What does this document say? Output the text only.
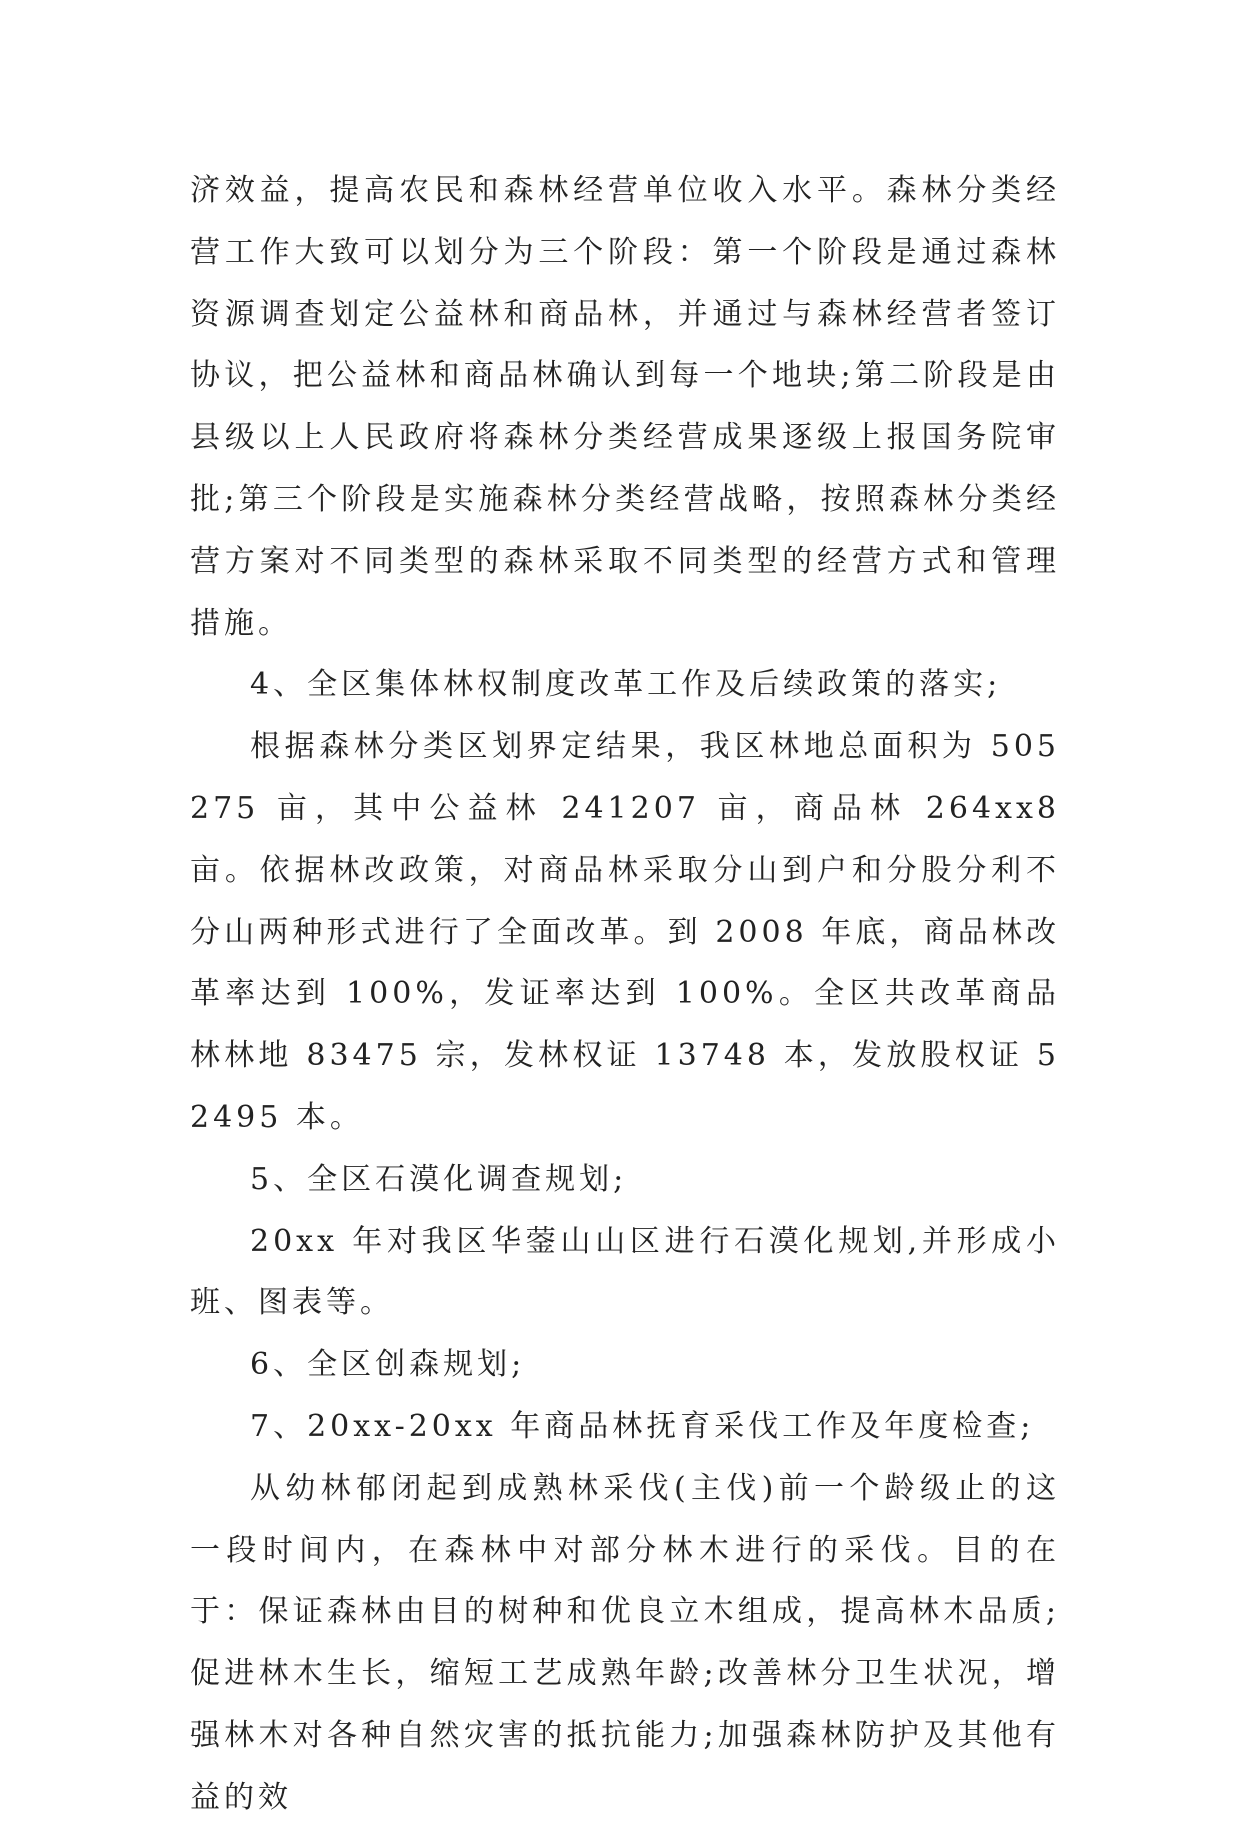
济效益，提高农民和森林经营单位收入水平。森林分类经营工作大致可以划分为三个阶段：第一个阶段是通过森林资源调查划定公益林和商品林，并通过与森林经营者签订协议，把公益林和商品林确认到每一个地块;第二阶段是由县级以上人民政府将森林分类经营成果逐级上报国务院审批;第三个阶段是实施森林分类经营战略，按照森林分类经营方案对不同类型的森林采取不同类型的经营方式和管理措施。

4、全区集体林权制度改革工作及后续政策的落实;

根据森林分类区划界定结果，我区林地总面积为 505275 亩，其中公益林 241207 亩，商品林 264xx8 亩。依据林改政策，对商品林采取分山到户和分股分利不分山两种形式进行了全面改革。到 2008 年底，商品林改革率达到 100%，发证率达到 100%。全区共改革商品林林地 83475 宗，发林权证 13748 本，发放股权证 52495 本。

5、全区石漠化调查规划;

20xx 年对我区华蓥山山区进行石漠化规划,并形成小班、图表等。

6、全区创森规划;

7、20xx-20xx 年商品林抚育采伐工作及年度检查;

从幼林郁闭起到成熟林采伐(主伐)前一个龄级止的这一段时间内，在森林中对部分林木进行的采伐。目的在于：保证森林由目的树种和优良立木组成，提高林木品质;促进林木生长，缩短工艺成熟年龄;改善林分卫生状况，增强林木对各种自然灾害的抵抗能力;加强森林防护及其他有益的效
